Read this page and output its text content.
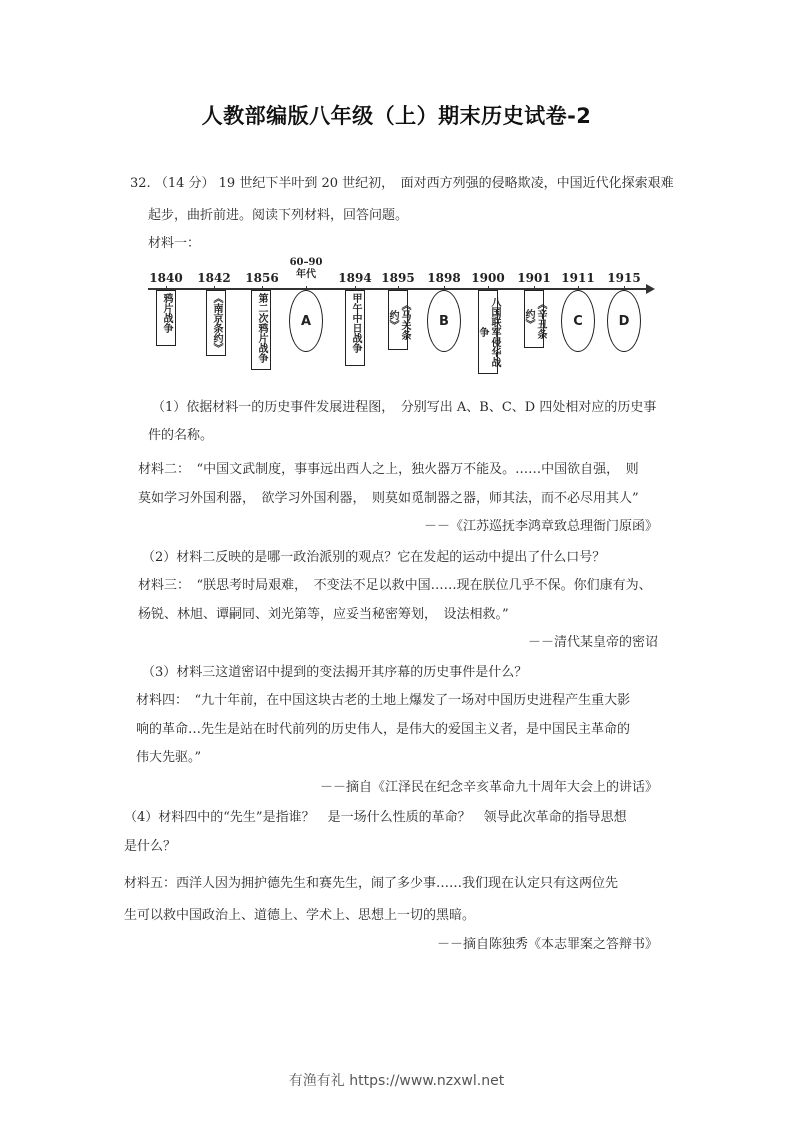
人教部编版八年级（上）期末历史试卷-2
32. （14 分） 19 世纪下半叶到 20 世纪初，　面对西方列强的侵略欺凌，中国近代化探索艰难
起步，曲折前进。阅读下列材料，回答问题。
材料一：
1840
鸦片战争
1842
《南京条约》
1856
第二次鸦片战争
60–90
年代
A
1894
甲午中日战争
1895
《马关条约》
1898
B
1900
八国联军侵华战争
1901
《辛丑条约》
1911
C
1915
D
（1）依据材料一的历史事件发展进程图，　分别写出 A、B、C、D 四处相对应的历史事
件的名称。
材料二：　“中国文武制度，事事远出西人之上，独火器万不能及。……中国欲自强，　则
莫如学习外国利器，　欲学习外国利器，　则莫如觅制器之器，师其法，而不必尽用其人”
－－《江苏巡抚李鸿章致总理衙门原函》
（2）材料二反映的是哪一政治派别的观点？它在发起的运动中提出了什么口号？
材料三：　“朕思考时局艰难，　不变法不足以救中国……现在朕位几乎不保。你们康有为、
杨锐、林旭、谭嗣同、刘光第等，应妥当秘密筹划，　设法相救。”
－－清代某皇帝的密诏
（3）材料三这道密诏中提到的变法揭开其序幕的历史事件是什么？
材料四：　“九十年前，在中国这块古老的土地上爆发了一场对中国历史进程产生重大影
响的革命…先生是站在时代前列的历史伟人，是伟大的爱国主义者，是中国民主革命的
伟大先驱。”
－－摘自《江泽民在纪念辛亥革命九十周年大会上的讲话》
（4）材料四中的“先生”是指谁？　是一场什么性质的革命？　领导此次革命的指导思想
是什么？
材料五：西洋人因为拥护德先生和赛先生，闹了多少事……我们现在认定只有这两位先
生可以救中国政治上、道德上、学术上、思想上一切的黑暗。
－－摘自陈独秀《本志罪案之答辩书》
有渔有礼 https://www.nzxwl.net
